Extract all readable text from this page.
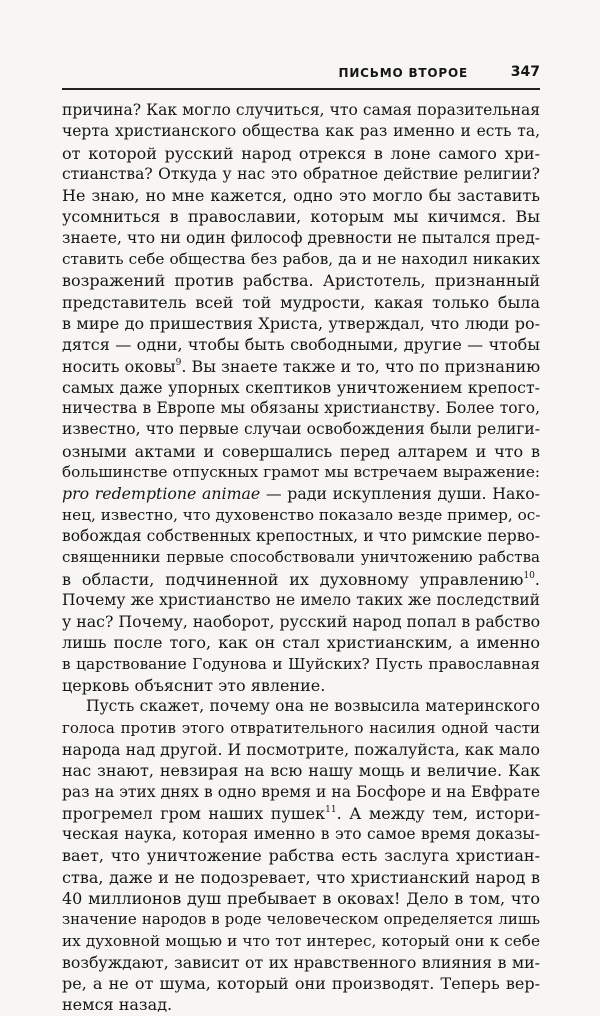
ПИСЬМО ВТОРОЕ	347
причина? Как могло случиться, что самая поразительная
черта христианского общества как раз именно и есть та,
от которой русский народ отрекся в лоне самого хри-
стианства? Откуда у нас это обратное действие религии?
Не знаю, но мне кажется, одно это могло бы заставить
усомниться в православии, которым мы кичимся. Вы
знаете, что ни один философ древности не пытался пред-
ставить себе общества без рабов, да и не находил никаких
возражений против рабства. Аристотель, признанный
представитель всей той мудрости, какая только была
в мире до пришествия Христа, утверждал, что люди ро-
дятся — одни, чтобы быть свободными, другие — чтобы
носить оковы$^9$. Вы знаете также и то, что по признанию
самых даже упорных скептиков уничтожением крепост-
ничества в Европе мы обязаны христианству. Более того,
известно, что первые случаи освобождения были религи-
озными актами и совершались перед алтарем и что в
большинстве отпускных грамот мы встречаем выражение:
pro redemptione animae — ради искупления души. Нако-
нец, известно, что духовенство показало везде пример, ос-
вобождая собственных крепостных, и что римские перво-
священники первые способствовали уничтожению рабства
в области, подчиненной их духовному управлению$^{10}$.
Почему же христианство не имело таких же последствий
у нас? Почему, наоборот, русский народ попал в рабство
лишь после того, как он стал христианским, а именно
в царствование Годунова и Шуйских? Пусть православная
церковь объяснит это явление.
Пусть скажет, почему она не возвысила материнского
голоса против этого отвратительного насилия одной части
народа над другой. И посмотрите, пожалуйста, как мало
нас знают, невзирая на всю нашу мощь и величие. Как
раз на этих днях в одно время и на Босфоре и на Евфрате
прогремел гром наших пушек$^{11}$. А между тем, истори-
ческая наука, которая именно в это самое время доказы-
вает, что уничтожение рабства есть заслуга христиан-
ства, даже и не подозревает, что христианский народ в
40 миллионов душ пребывает в оковах! Дело в том, что
значение народов в роде человеческом определяется лишь
их духовной мощью и что тот интерес, который они к себе
возбуждают, зависит от их нравственного влияния в ми-
ре, а не от шума, который они производят. Теперь вер-
немся назад.
